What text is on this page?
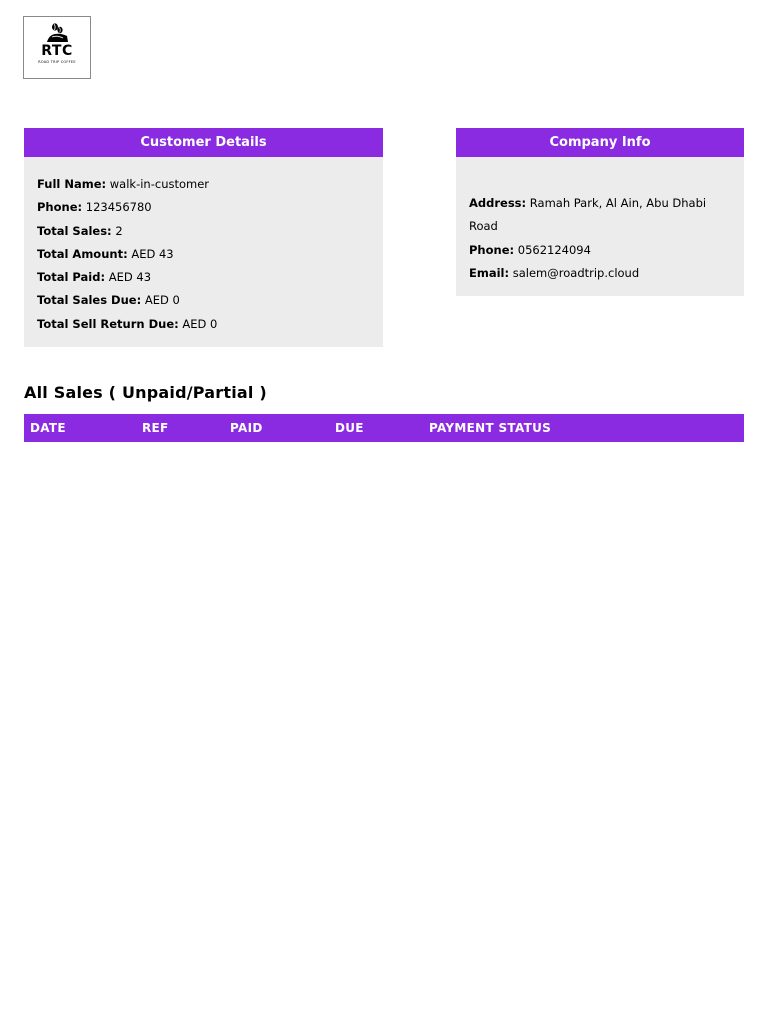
RTC
ROAD TRIP COFFEE
Customer Details
Full Name: walk-in-customer
Phone: 123456780
Total Sales: 2
Total Amount: AED 43
Total Paid: AED 43
Total Sales Due: AED 0
Total Sell Return Due: AED 0
Company Info
Address: Ramah Park, Al Ain, Abu Dhabi Road
Phone: 0562124094
Email: salem@roadtrip.cloud
All Sales ( Unpaid/Partial )
DATE	REF	PAID	DUE	PAYMENT STATUS
